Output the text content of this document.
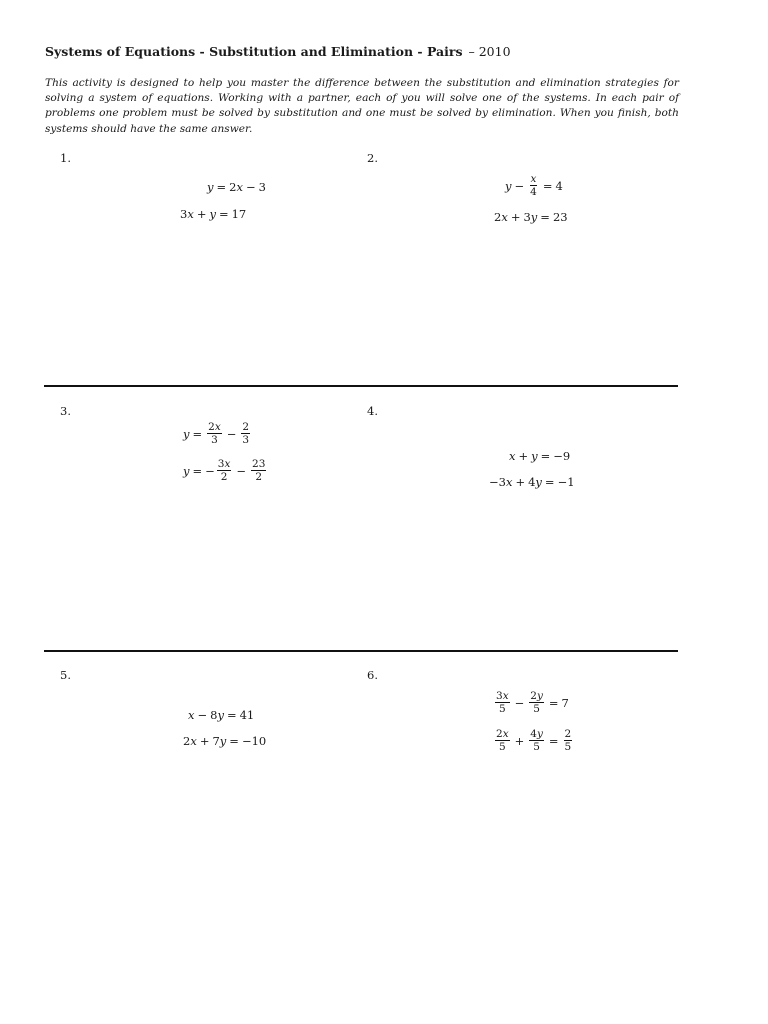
Systems of Equations - Substitution and Elimination - Pairs – 2010
This activity is designed to help you master the difference between the substitution and elimination strategies for solving a system of equations. Working with a partner, each of you will solve one of the systems. In each pair of problems one problem must be solved by substitution and one must be solved by elimination. When you finish, both systems should have the same answer.
1.
y = 2 x − 3
3 x + y = 17
2.
$y - \frac{x}{4} = 4$
2 x + 3 y = 23
3.
$y = \frac{2x}{3} - \frac{2}{3}$
y = − $\frac{3x}{2} - \frac{23}{2}$
4.
x + y = −9
−3 x + 4 y = −1
5.
x − 8 y = 41
2 x + 7 y = −10
6.
$\frac{3x}{5} - \frac{2y}{5} = 7$
$\frac{2x}{5} + \frac{4y}{5} = \frac{2}{5}$
